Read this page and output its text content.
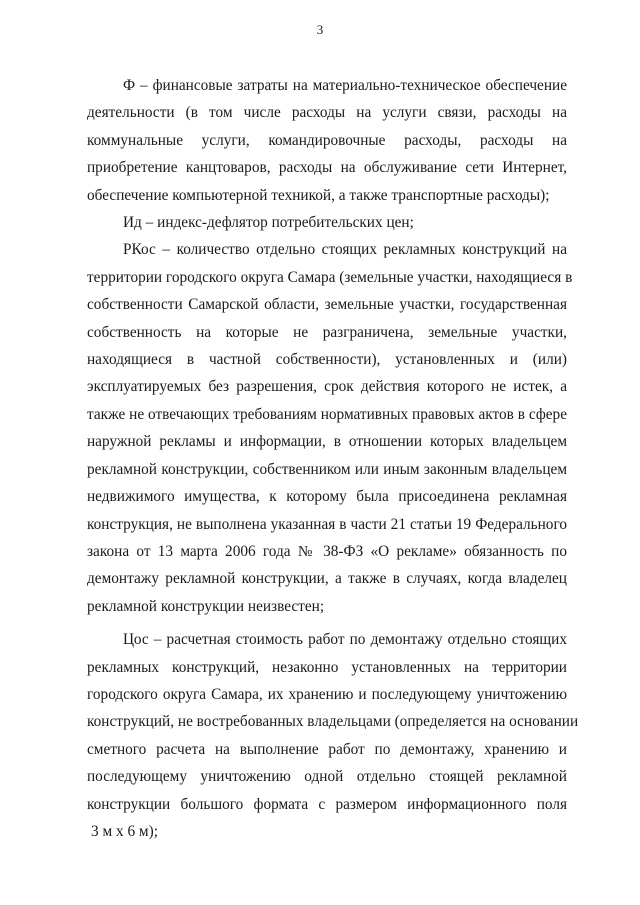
3
Ф – финансовые затраты на материально-техническое обеспечение
деятельности (в том числе расходы на услуги связи, расходы на
коммунальные услуги, командировочные расходы, расходы на
приобретение канцтоваров, расходы на обслуживание сети Интернет,
обеспечение компьютерной техникой, а также транспортные расходы);
Ид – индекс-дефлятор потребительских цен;
РКос – количество отдельно стоящих рекламных конструкций на
территории городского округа Самара (земельные участки, находящиеся в
собственности Самарской области, земельные участки, государственная
собственность на которые не разграничена, земельные участки,
находящиеся в частной собственности), установленных и (или)
эксплуатируемых без разрешения, срок действия которого не истек, а
также не отвечающих требованиям нормативных правовых актов в сфере
наружной рекламы и информации, в отношении которых владельцем
рекламной конструкции, собственником или иным законным владельцем
недвижимого имущества, к которому была присоединена рекламная
конструкция, не выполнена указанная в части 21 статьи 19 Федерального
закона от 13 марта 2006 года № 38-ФЗ «О рекламе» обязанность по
демонтажу рекламной конструкции, а также в случаях, когда владелец
рекламной конструкции неизвестен;
Цос – расчетная стоимость работ по демонтажу отдельно стоящих
рекламных конструкций, незаконно установленных на территории
городского округа Самара, их хранению и последующему уничтожению
конструкций, не востребованных владельцами (определяется на основании
сметного расчета на выполнение работ по демонтажу, хранению и
последующему уничтожению одной отдельно стоящей рекламной
конструкции большого формата с размером информационного поля
3 м х 6 м);
